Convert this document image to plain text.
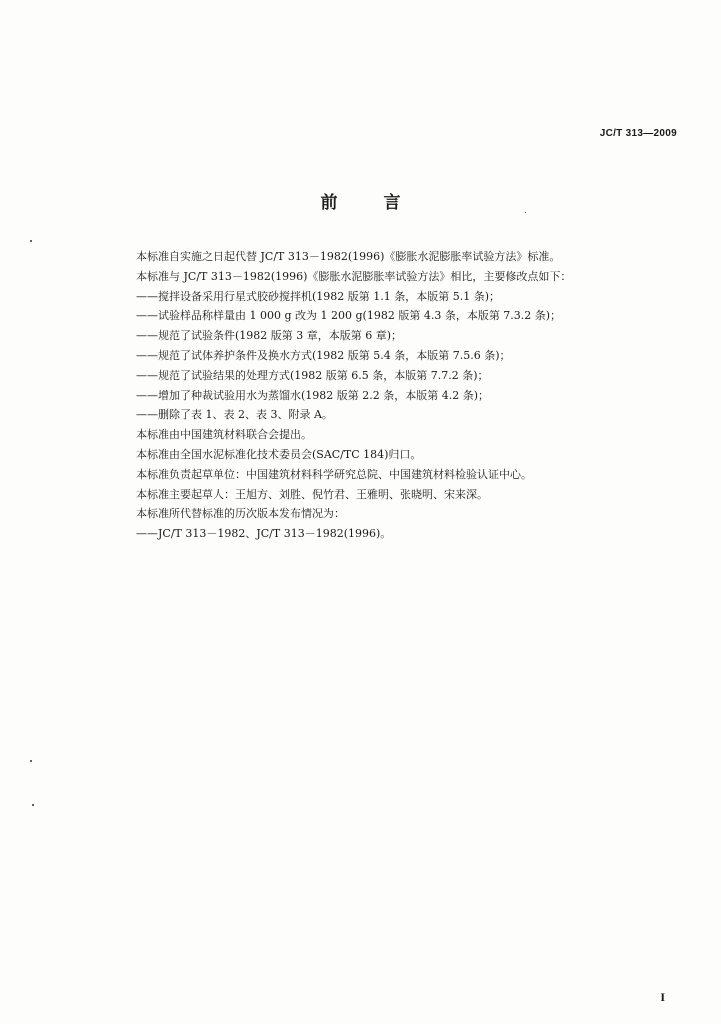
JC/T 313—2009
前	言
本标准自实施之日起代替 JC/T 313－1982(1996)《膨胀水泥膨胀率试验方法》标准。
本标准与 JC/T 313－1982(1996)《膨胀水泥膨胀率试验方法》相比，主要修改点如下：
——搅拌设备采用行星式胶砂搅拌机(1982 版第 1.1 条，本版第 5.1 条)；
——试验样品称样量由 1 000 g 改为 1 200 g(1982 版第 4.3 条，本版第 7.3.2 条)；
——规范了试验条件(1982 版第 3 章，本版第 6 章)；
——规范了试体养护条件及换水方式(1982 版第 5.4 条，本版第 7.5.6 条)；
——规范了试验结果的处理方式(1982 版第 6.5 条，本版第 7.7.2 条)；
——增加了种裁试验用水为蒸馏水(1982 版第 2.2 条，本版第 4.2 条)；
——删除了表 1、表 2、表 3、附录 A。
本标准由中国建筑材料联合会提出。
本标准由全国水泥标准化技术委员会(SAC/TC 184)归口。
本标准负责起草单位：中国建筑材料科学研究总院、中国建筑材料检验认证中心。
本标准主要起草人：王旭方、刘胜、倪竹君、王雅明、张晓明、宋来深。
本标准所代替标准的历次版本发布情况为：
——JC/T 313－1982、JC/T 313－1982(1996)。
I
